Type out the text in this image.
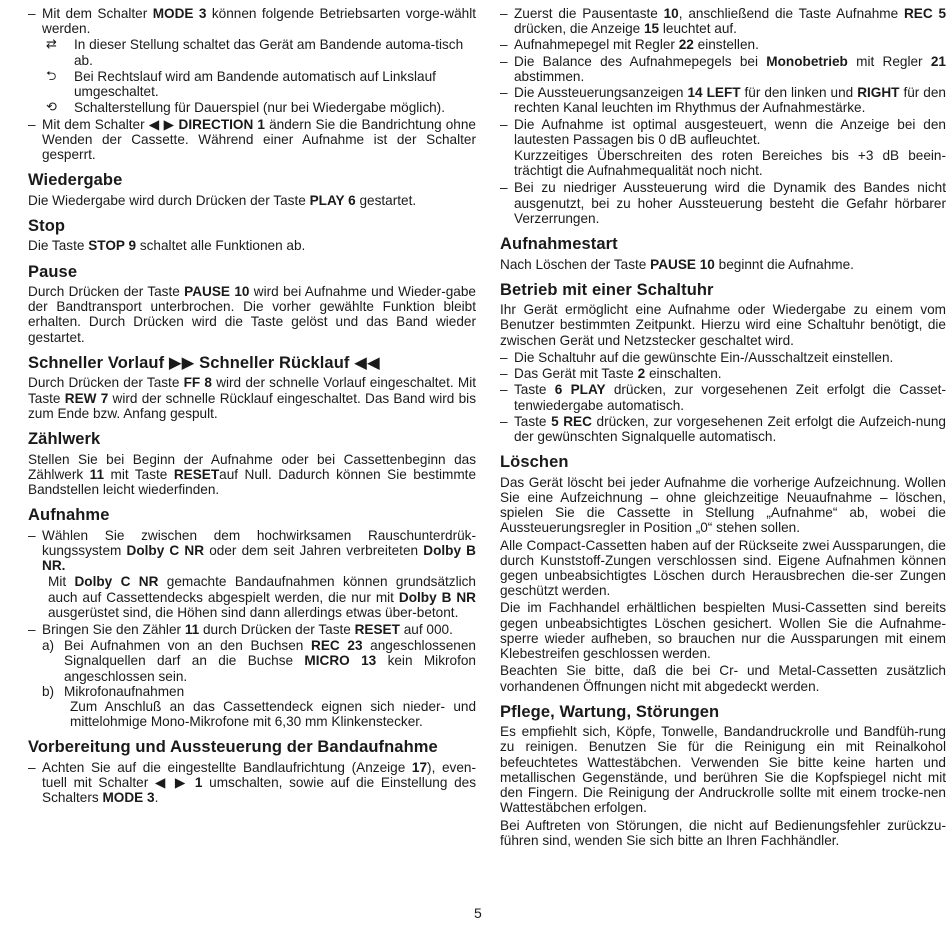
– Mit dem Schalter MODE 3 können folgende Betriebsarten vorge-wählt werden.
⇄	In dieser Stellung schaltet das Gerät am Bandende automa-tisch ab.
⮌	Bei Rechtslauf wird am Bandende automatisch auf Linkslauf umgeschaltet.
⟲	Schalterstellung für Dauerspiel (nur bei Wiedergabe möglich).
– Mit dem Schalter ◀ ▶ DIRECTION 1 ändern Sie die Bandrichtung ohne Wenden der Cassette. Während einer Aufnahme ist der Schalter gesperrt.
Wiedergabe

Die Wiedergabe wird durch Drücken der Taste PLAY 6 gestartet.

Stop

Die Taste STOP 9 schaltet alle Funktionen ab.

Pause

Durch Drücken der Taste PAUSE 10 wird bei Aufnahme und Wieder-gabe der Bandtransport unterbrochen. Die vorher gewählte Funktion bleibt erhalten. Durch Drücken wird die Taste gelöst und das Band wieder gestartet.

Schneller Vorlauf ▶▶ Schneller Rücklauf ◀◀

Durch Drücken der Taste FF 8 wird der schnelle Vorlauf eingeschaltet. Mit Taste REW 7 wird der schnelle Rücklauf eingeschaltet. Das Band wird bis zum Ende bzw. Anfang gespult.

Zählwerk

Stellen Sie bei Beginn der Aufnahme oder bei Cassettenbeginn das Zählwerk 11 mit Taste RESETauf Null. Dadurch können Sie bestimmte Bandstellen leicht wiederfinden.

Aufnahme
– Wählen Sie zwischen dem hochwirksamen Rauschunterdrük-kungssystem Dolby C NR oder dem seit Jahren verbreiteten Dolby B NR.

Mit Dolby C NR gemachte Bandaufnahmen können grundsätzlich auch auf Cassettendecks abgespielt werden, die nur mit Dolby B NR ausgerüstet sind, die Höhen sind dann allerdings etwas über-betont.

– Bringen Sie den Zähler 11 durch Drücken der Taste RESET auf 000.
a) Bei Aufnahmen von an den Buchsen REC 23 angeschlossenen Signalquellen darf an die Buchse MICRO 13 kein Mikrofon angeschlossen sein.
b) Mikrofonaufnahmen

Zum Anschluß an das Cassettendeck eignen sich nieder- und mittelohmige Mono-Mikrofone mit 6,30 mm Klinkenstecker.

Vorbereitung und Aussteuerung der Bandaufnahme
– Achten Sie auf die eingestellte Bandlaufrichtung (Anzeige 17), even-tuell mit Schalter ◀ ▶ 1 umschalten, sowie auf die Einstellung des Schalters MODE 3.
– Zuerst die Pausentaste 10, anschließend die Taste Aufnahme REC 5 drücken, die Anzeige 15 leuchtet auf.
– Aufnahmepegel mit Regler 22 einstellen.
– Die Balance des Aufnahmepegels bei Monobetrieb mit Regler 21 abstimmen.
– Die Aussteuerungsanzeigen 14 LEFT für den linken und RIGHT für den rechten Kanal leuchten im Rhythmus der Aufnahmestärke.
– Die Aufnahme ist optimal ausgesteuert, wenn die Anzeige bei den lautesten Passagen bis 0 dB aufleuchtet.

Kurzzeitiges Überschreiten des roten Bereiches bis +3 dB beein-trächtigt die Aufnahmequalität noch nicht.

– Bei zu niedriger Aussteuerung wird die Dynamik des Bandes nicht ausgenutzt, bei zu hoher Aussteuerung besteht die Gefahr hörbarer Verzerrungen.
Aufnahmestart

Nach Löschen der Taste PAUSE 10 beginnt die Aufnahme.

Betrieb mit einer Schaltuhr

Ihr Gerät ermöglicht eine Aufnahme oder Wiedergabe zu einem vom Benutzer bestimmten Zeitpunkt. Hierzu wird eine Schaltuhr benötigt, die zwischen Gerät und Netzstecker geschaltet wird.

– Die Schaltuhr auf die gewünschte Ein-/Ausschaltzeit einstellen.
– Das Gerät mit Taste 2 einschalten.
– Taste 6 PLAY drücken, zur vorgesehenen Zeit erfolgt die Casset-tenwiedergabe automatisch.
– Taste 5 REC drücken, zur vorgesehenen Zeit erfolgt die Aufzeich-nung der gewünschten Signalquelle automatisch.
Löschen

Das Gerät löscht bei jeder Aufnahme die vorherige Aufzeichnung. Wollen Sie eine Aufzeichnung – ohne gleichzeitige Neuaufnahme – löschen, spielen Sie die Cassette in Stellung „Aufnahme“ ab, wobei die Aussteuerungsregler in Position „0“ stehen sollen.

Alle Compact-Cassetten haben auf der Rückseite zwei Aussparungen, die durch Kunststoff-Zungen verschlossen sind. Eigene Aufnahmen können gegen unbeabsichtigtes Löschen durch Herausbrechen die-ser Zungen geschützt werden.

Die im Fachhandel erhältlichen bespielten Musi-Cassetten sind bereits gegen unbeabsichtigtes Löschen gesichert. Wollen Sie die Aufnahme-sperre wieder aufheben, so brauchen nur die Aussparungen mit einem Klebestreifen geschlossen werden.

Beachten Sie bitte, daß die bei Cr- und Metal-Cassetten zusätzlich vorhandenen Öffnungen nicht mit abgedeckt werden.

Pflege, Wartung, Störungen

Es empfiehlt sich, Köpfe, Tonwelle, Bandandruckrolle und Bandfüh-rung zu reinigen. Benutzen Sie für die Reinigung ein mit Reinalkohol befeuchtetes Wattestäbchen. Verwenden Sie bitte keine harten und metallischen Gegenstände, und berühren Sie die Kopfspiegel nicht mit den Fingern. Die Reinigung der Andruckrolle sollte mit einem trocke-nen Wattestäbchen erfolgen.

Bei Auftreten von Störungen, die nicht auf Bedienungsfehler zurückzu-führen sind, wenden Sie sich bitte an Ihren Fachhändler.

5
